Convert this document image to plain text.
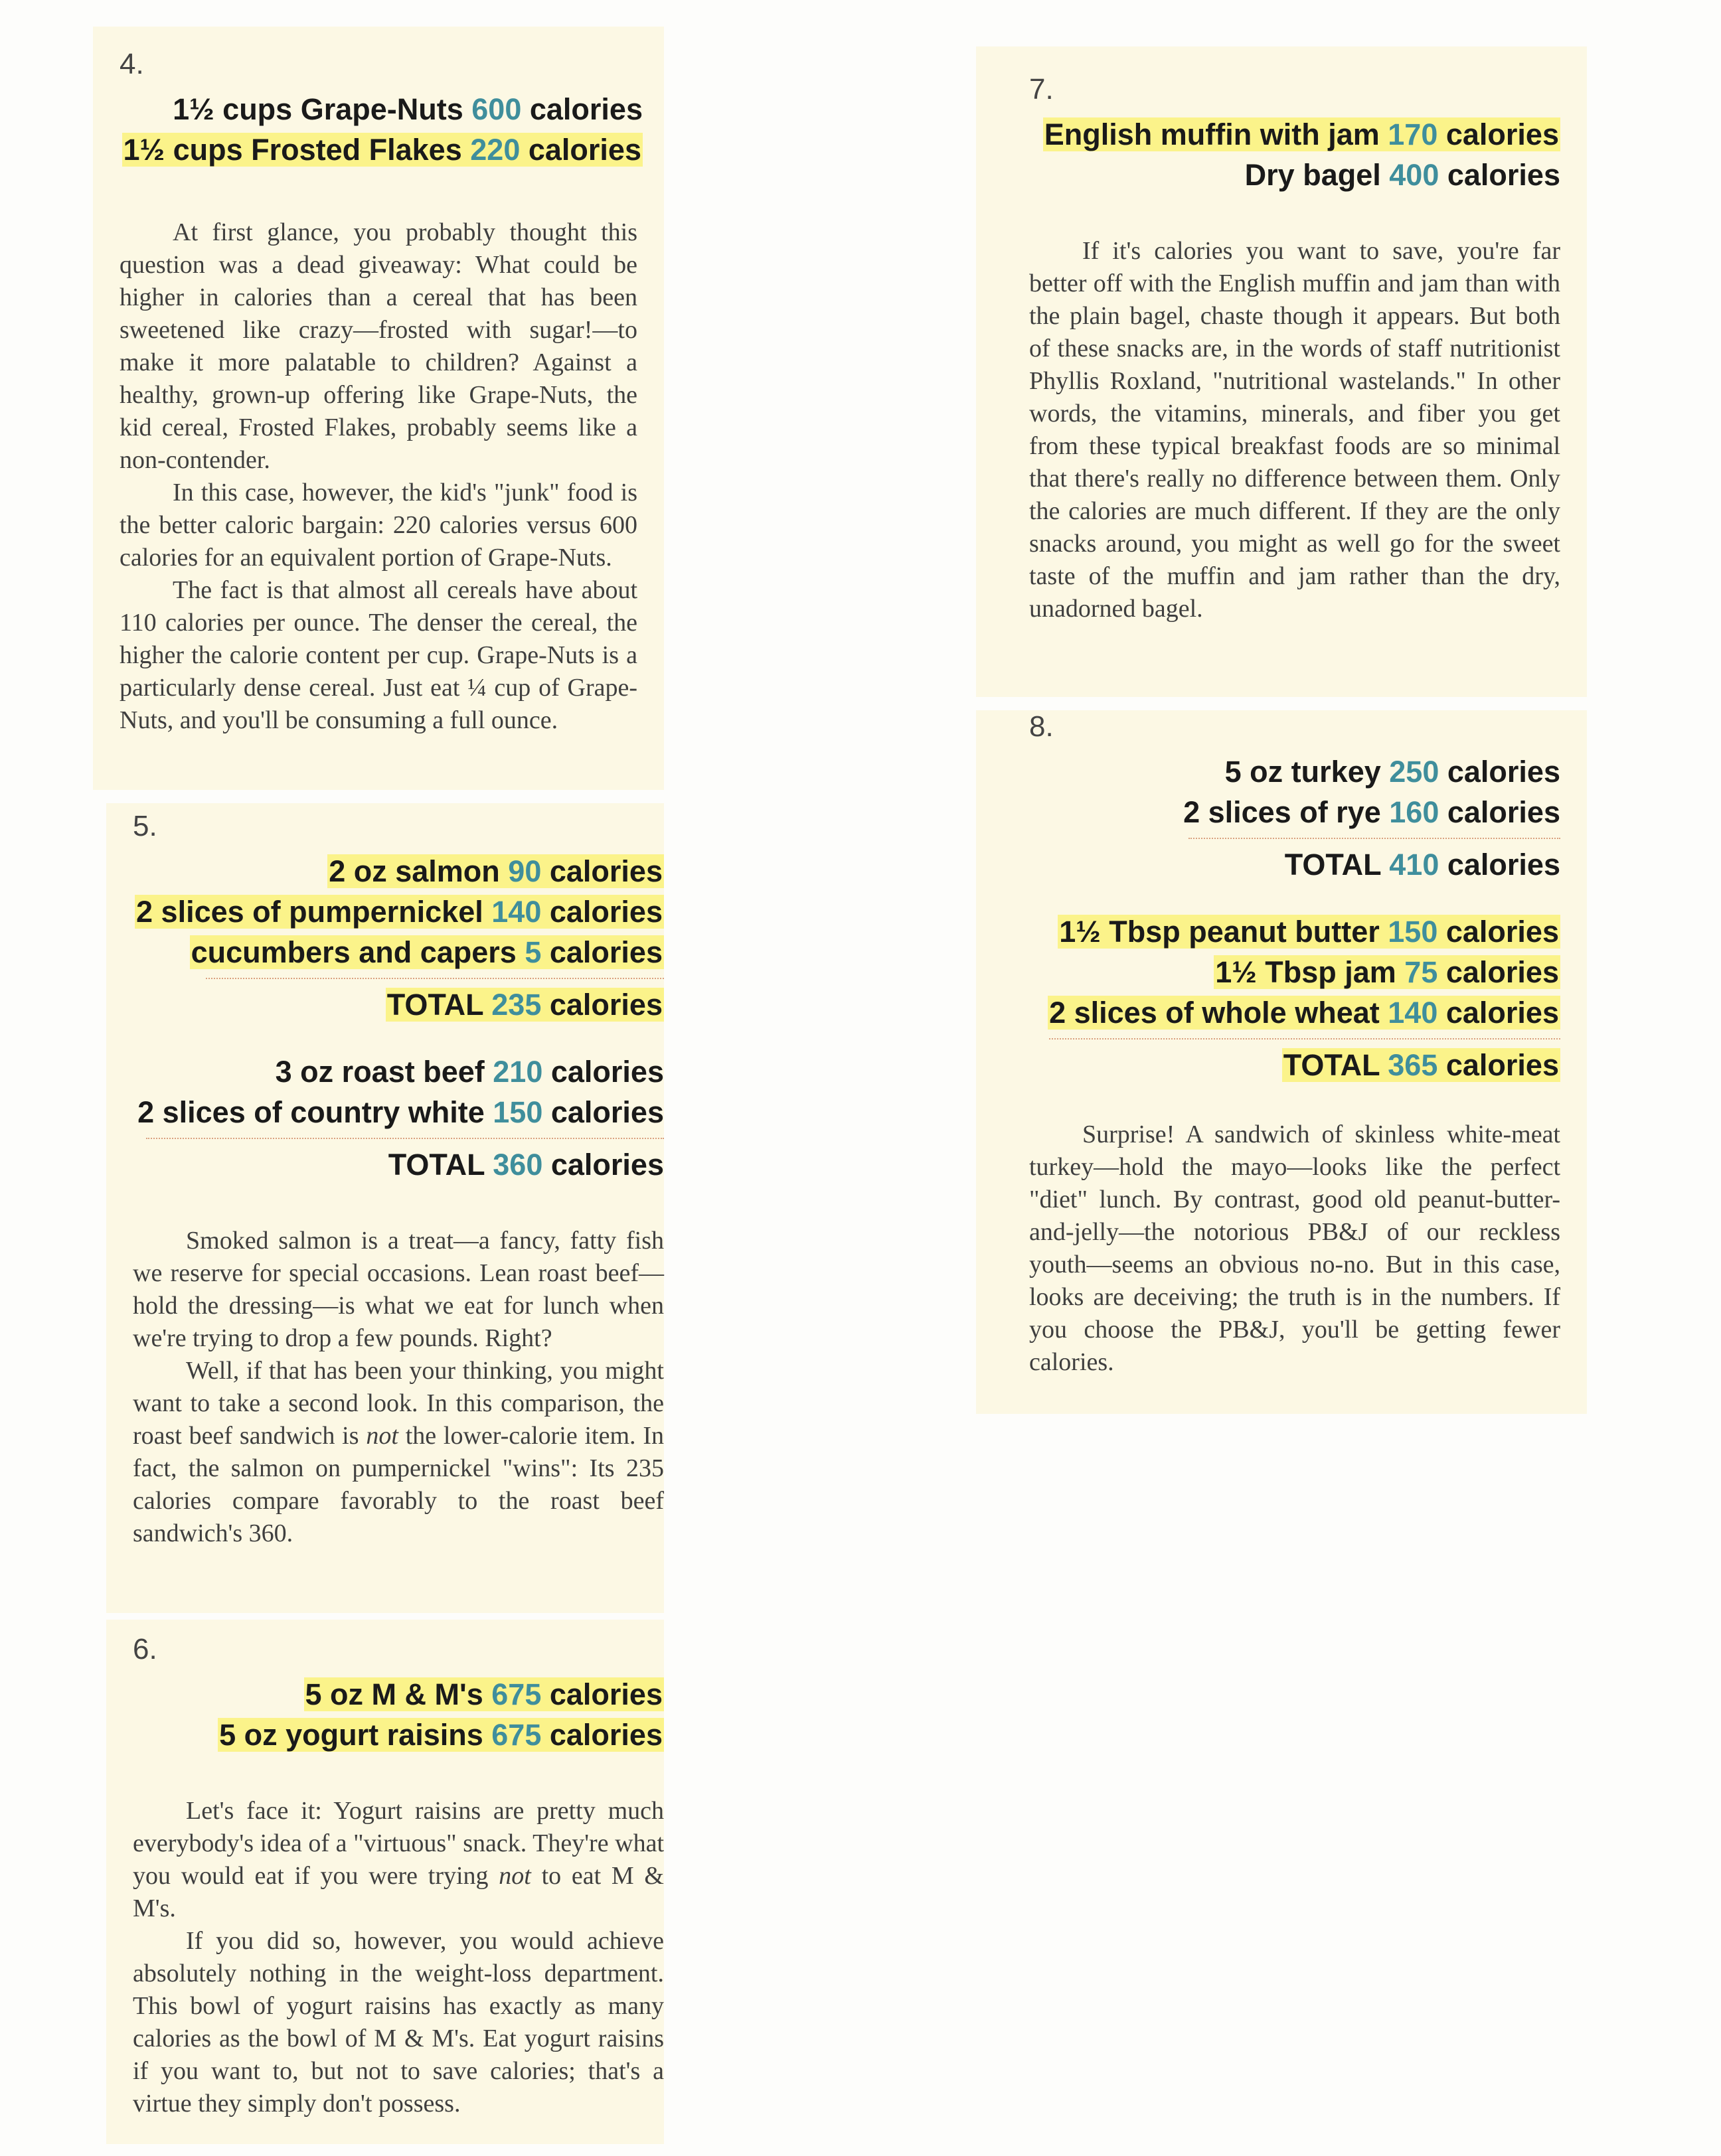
4.
1½ cups Grape-Nuts 600 calories
1½ cups Frosted Flakes 220 calories

At first glance, you probably thought this question was a dead giveaway: What could be higher in calories than a cereal that has been sweetened like crazy—frosted with sugar!—to make it more palatable to children? Against a healthy, grown-up offering like Grape-Nuts, the kid cereal, Frosted Flakes, probably seems like a non-contender.

In this case, however, the kid's "junk" food is the better caloric bargain: 220 calories versus 600 calories for an equivalent portion of Grape-Nuts.

The fact is that almost all cereals have about 110 calories per ounce. The denser the cereal, the higher the calorie content per cup. Grape-Nuts is a particularly dense cereal. Just eat ¼ cup of Grape-Nuts, and you'll be consuming a full ounce.

5.
2 oz salmon 90 calories
2 slices of pumpernickel 140 calories
cucumbers and capers 5 calories
TOTAL 235 calories
3 oz roast beef 210 calories
2 slices of country white 150 calories
TOTAL 360 calories

Smoked salmon is a treat—a fancy, fatty fish we reserve for special occasions. Lean roast beef—hold the dressing—is what we eat for lunch when we're trying to drop a few pounds. Right?

Well, if that has been your thinking, you might want to take a second look. In this comparison, the roast beef sandwich is not the lower-calorie item. In fact, the salmon on pumpernickel "wins": Its 235 calories compare favorably to the roast beef sandwich's 360.

6.
5 oz M & M's 675 calories
5 oz yogurt raisins 675 calories

Let's face it: Yogurt raisins are pretty much everybody's idea of a "virtuous" snack. They're what you would eat if you were trying not to eat M & M's.

If you did so, however, you would achieve absolutely nothing in the weight-loss department. This bowl of yogurt raisins has exactly as many calories as the bowl of M & M's. Eat yogurt raisins if you want to, but not to save calories; that's a virtue they simply don't possess.

7.
English muffin with jam 170 calories
Dry bagel 400 calories

If it's calories you want to save, you're far better off with the English muffin and jam than with the plain bagel, chaste though it appears. But both of these snacks are, in the words of staff nutritionist Phyllis Roxland, "nutritional wastelands." In other words, the vitamins, minerals, and fiber you get from these typical breakfast foods are so minimal that there's really no difference between them. Only the calories are much different. If they are the only snacks around, you might as well go for the sweet taste of the muffin and jam rather than the dry, unadorned bagel.

8.
5 oz turkey 250 calories
2 slices of rye 160 calories
TOTAL 410 calories
1½ Tbsp peanut butter 150 calories
1½ Tbsp jam 75 calories
2 slices of whole wheat 140 calories
TOTAL 365 calories

Surprise! A sandwich of skinless white-meat turkey—hold the mayo—looks like the perfect "diet" lunch. By contrast, good old peanut-butter-and-jelly—the notorious PB&J of our reckless youth—seems an obvious no-no. But in this case, looks are deceiving; the truth is in the numbers. If you choose the PB&J, you'll be getting fewer calories.
